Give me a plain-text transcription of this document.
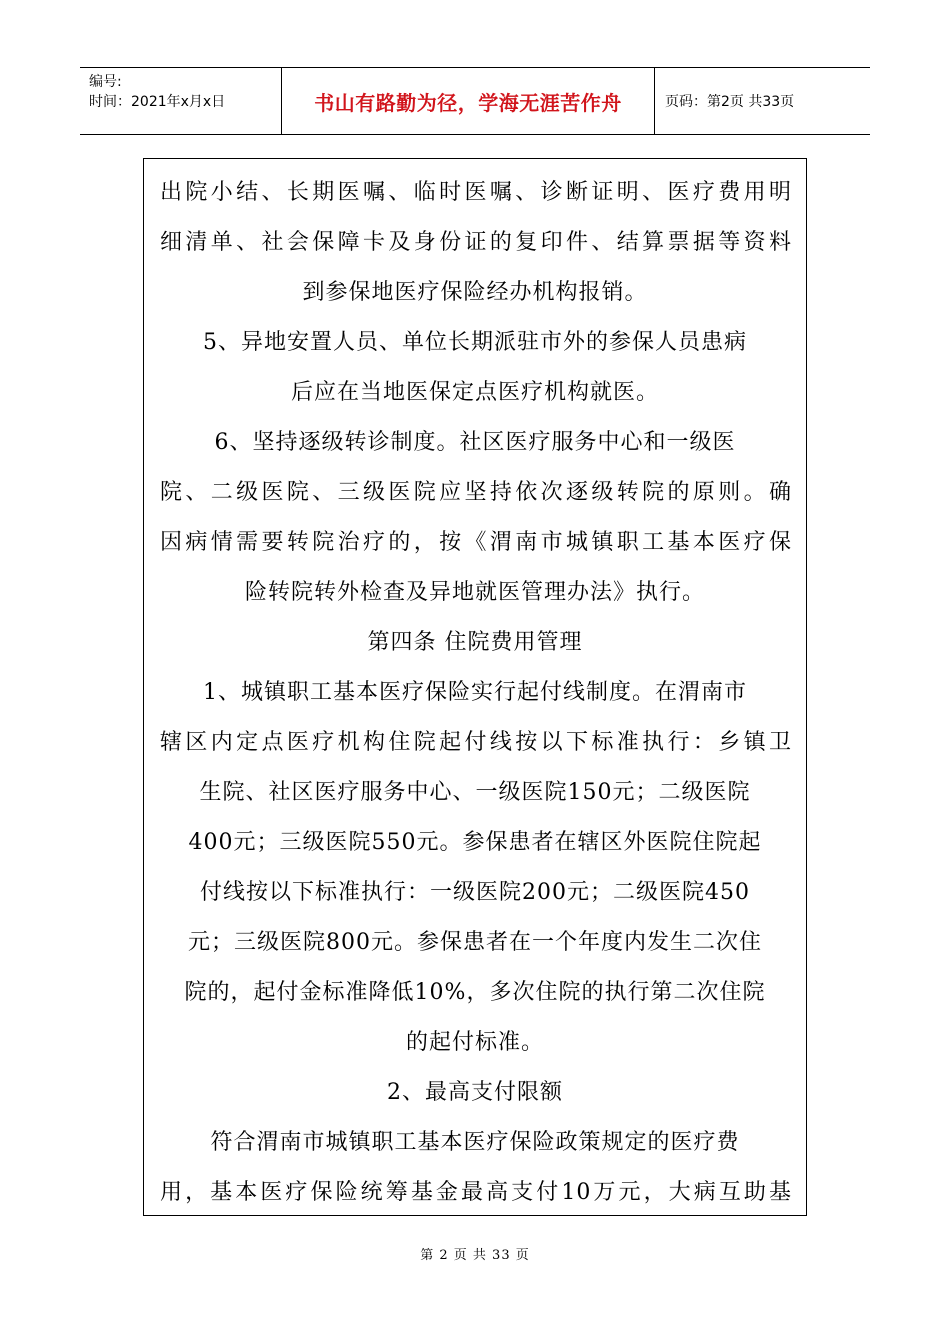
编号:
时间：2021年x月x日	书山有路勤为径，学海无涯苦作舟	页码：第2页 共33页
出院小结、长期医嘱、临时医嘱、诊断证明、医疗费用明
细清单、社会保障卡及身份证的复印件、结算票据等资料
到参保地医疗保险经办机构报销。
5、异地安置人员、单位长期派驻市外的参保人员患病
后应在当地医保定点医疗机构就医。
6、坚持逐级转诊制度。社区医疗服务中心和一级医
院、二级医院、三级医院应坚持依次逐级转院的原则。确
因病情需要转院治疗的，按《渭南市城镇职工基本医疗保
险转院转外检查及异地就医管理办法》执行。
第四条 住院费用管理
1、城镇职工基本医疗保险实行起付线制度。在渭南市
辖区内定点医疗机构住院起付线按以下标准执行：乡镇卫
生院、社区医疗服务中心、一级医院150元；二级医院
400元；三级医院550元。参保患者在辖区外医院住院起
付线按以下标准执行：一级医院200元；二级医院450
元；三级医院800元。参保患者在一个年度内发生二次住
院的，起付金标准降低10%，多次住院的执行第二次住院
的起付标准。
2、最高支付限额
符合渭南市城镇职工基本医疗保险政策规定的医疗费
用，基本医疗保险统筹基金最高支付10万元，大病互助基
第 2 页 共 33 页
